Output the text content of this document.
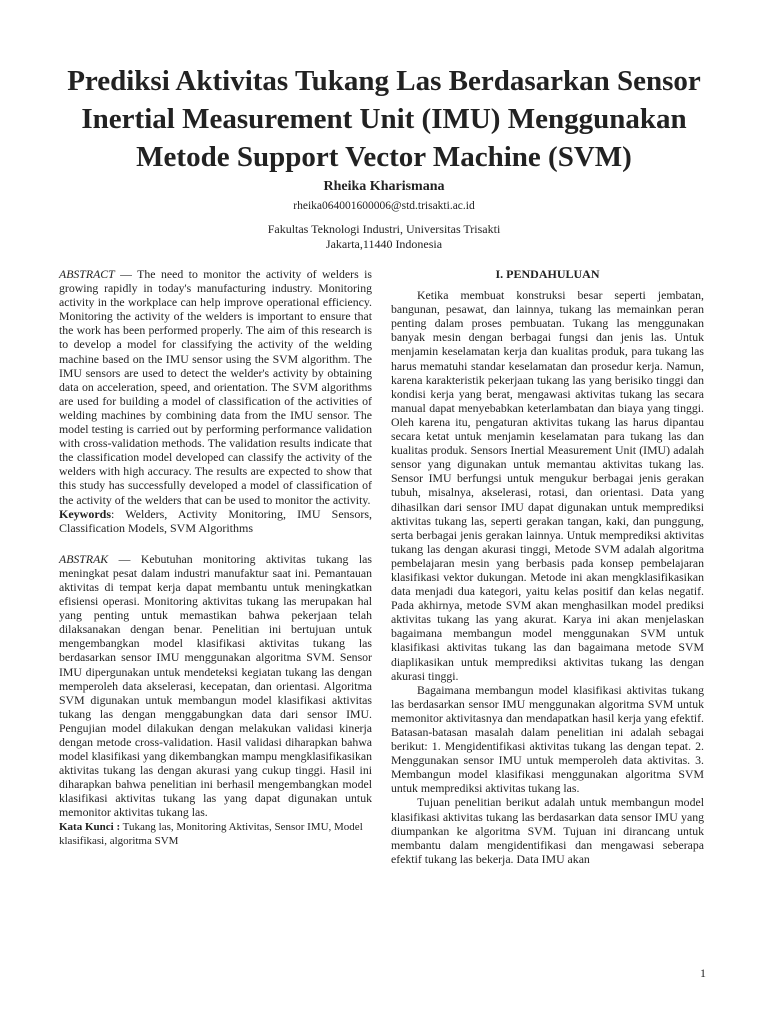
Prediksi Aktivitas Tukang Las Berdasarkan Sensor Inertial Measurement Unit (IMU) Menggunakan Metode Support Vector Machine (SVM)
Rheika Kharismana
rheika064001600006@std.trisakti.ac.id
Fakultas Teknologi Industri, Universitas Trisakti
Jakarta,11440 Indonesia

ABSTRACT — The need to monitor the activity of welders is growing rapidly in today's manufacturing industry. Monitoring activity in the workplace can help improve operational efficiency. Monitoring the activity of the welders is important to ensure that the work has been performed properly. The aim of this research is to develop a model for classifying the activity of the welding machine based on the IMU sensor using the SVM algorithm. The IMU sensors are used to detect the welder's activity by obtaining data on acceleration, speed, and orientation. The SVM algorithms are used for building a model of classification of the activities of welding machines by combining data from the IMU sensor. The model testing is carried out by performing performance validation with cross-validation methods. The validation results indicate that the classification model developed can classify the activity of the welders with high accuracy. The results are expected to show that this study has successfully developed a model of classification of the activity of the welders that can be used to monitor the activity.

Keywords: Welders, Activity Monitoring, IMU Sensors, Classification Models, SVM Algorithms

ABSTRAK — Kebutuhan monitoring aktivitas tukang las meningkat pesat dalam industri manufaktur saat ini. Pemantauan aktivitas di tempat kerja dapat membantu untuk meningkatkan efisiensi operasi. Monitoring aktivitas tukang las merupakan hal yang penting untuk memastikan bahwa pekerjaan telah dilaksanakan dengan benar. Penelitian ini bertujuan untuk mengembangkan model klasifikasi aktivitas tukang las berdasarkan sensor IMU menggunakan algoritma SVM. Sensor IMU dipergunakan untuk mendeteksi kegiatan tukang las dengan memperoleh data akselerasi, kecepatan, dan orientasi. Algoritma SVM digunakan untuk membangun model klasifikasi aktivitas tukang las dengan menggabungkan data dari sensor IMU. Pengujian model dilakukan dengan melakukan validasi kinerja dengan metode cross-validation. Hasil validasi diharapkan bahwa model klasifikasi yang dikembangkan mampu mengklasifikasikan aktivitas tukang las dengan akurasi yang cukup tinggi. Hasil ini diharapkan bahwa penelitian ini berhasil mengembangkan model klasifikasi aktivitas tukang las yang dapat digunakan untuk memonitor aktivitas tukang las.

Kata Kunci : Tukang las, Monitoring Aktivitas, Sensor IMU, Model klasifikasi, algoritma SVM

I. PENDAHULUAN

Ketika membuat konstruksi besar seperti jembatan, bangunan, pesawat, dan lainnya, tukang las memainkan peran penting dalam proses pembuatan. Tukang las menggunakan banyak mesin dengan berbagai fungsi dan jenis las. Untuk menjamin keselamatan kerja dan kualitas produk, para tukang las harus mematuhi standar keselamatan dan prosedur kerja. Namun, karena karakteristik pekerjaan tukang las yang berisiko tinggi dan kondisi kerja yang berat, mengawasi aktivitas tukang las secara manual dapat menyebabkan keterlambatan dan biaya yang tinggi. Oleh karena itu, pengaturan aktivitas tukang las harus dipantau secara ketat untuk menjamin keselamatan para tukang las dan kualitas produk. Sensors Inertial Measurement Unit (IMU) adalah sensor yang digunakan untuk memantau aktivitas tukang las. Sensor IMU berfungsi untuk mengukur berbagai jenis gerakan tubuh, misalnya, akselerasi, rotasi, dan orientasi. Data yang dihasilkan dari sensor IMU dapat digunakan untuk memprediksi aktivitas tukang las, seperti gerakan tangan, kaki, dan punggung, serta berbagai jenis gerakan lainnya. Untuk memprediksi aktivitas tukang las dengan akurasi tinggi, Metode SVM adalah algoritma pembelajaran mesin yang berbasis pada konsep pembelajaran klasifikasi vektor dukungan. Metode ini akan mengklasifikasikan data menjadi dua kategori, yaitu kelas positif dan kelas negatif. Pada akhirnya, metode SVM akan menghasilkan model prediksi aktivitas tukang las yang akurat. Karya ini akan menjelaskan bagaimana membangun model menggunakan SVM untuk klasifikasi aktivitas tukang las dan bagaimana metode SVM diaplikasikan untuk memprediksi aktivitas tukang las dengan akurasi tinggi.

Bagaimana membangun model klasifikasi aktivitas tukang las berdasarkan sensor IMU menggunakan algoritma SVM untuk memonitor aktivitasnya dan mendapatkan hasil kerja yang efektif. Batasan-batasan masalah dalam penelitian ini adalah sebagai berikut: 1. Mengidentifikasi aktivitas tukang las dengan tepat. 2. Menggunakan sensor IMU untuk memperoleh data aktivitas. 3. Membangun model klasifikasi menggunakan algoritma SVM untuk memprediksi aktivitas tukang las.

Tujuan penelitian berikut adalah untuk membangun model klasifikasi aktivitas tukang las berdasarkan data sensor IMU yang diumpankan ke algoritma SVM. Tujuan ini dirancang untuk membantu dalam mengidentifikasi dan mengawasi seberapa efektif tukang las bekerja. Data IMU akan

1
